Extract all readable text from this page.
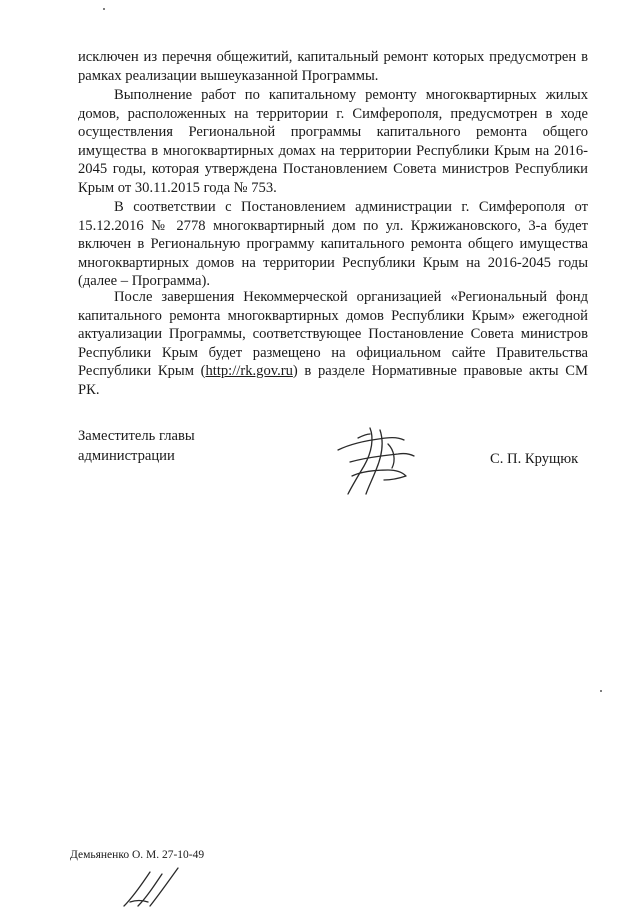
исключен из перечня общежитий, капитальный ремонт которых предусмотрен в рамках реализации вышеуказанной Программы.

Выполнение работ по капитальному ремонту многоквартирных жилых домов, расположенных на территории г. Симферополя, предусмотрен в ходе осуществления Региональной программы капитального ремонта общего имущества в многоквартирных домах на территории Республики Крым на 2016-2045 годы, которая утверждена Постановлением Совета министров Республики Крым от 30.11.2015 года № 753.

В соответствии с Постановлением администрации г. Симферополя от 15.12.2016 № 2778 многоквартирный дом по ул. Кржижановского, 3-а будет включен в Региональную программу капитального ремонта общего имущества многоквартирных домов на территории Республики Крым на 2016-2045 годы (далее – Программа).

После завершения Некоммерческой организацией «Региональный фонд капитального ремонта многоквартирных домов Республики Крым» ежегодной актуализации Программы, соответствующее Постановление Совета министров Республики Крым будет размещено на официальном сайте Правительства Республики Крым (http://rk.gov.ru) в разделе Нормативные правовые акты СМ РК.

Заместитель главы
администрации	С. П. Крущюк
Демьяненко О. М. 27-10-49
